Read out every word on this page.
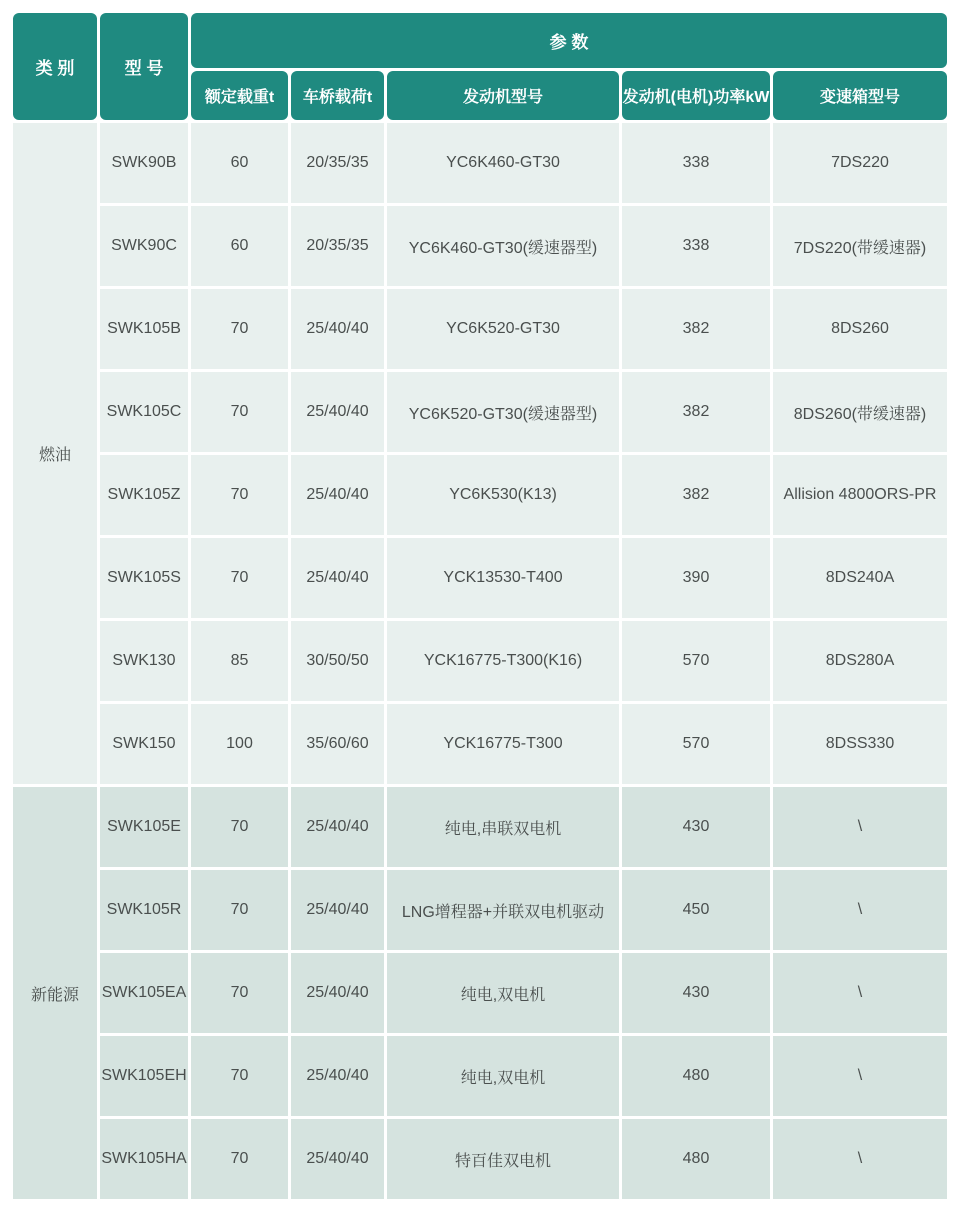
类 别	型 号	参 数				
		额定载重t	车桥载荷t	发动机型号	发动机(电机)功率kW	变速箱型号
燃油	SWK90B	60	20/35/35	YC6K460-GT30	338	7DS220
	SWK90C	60	20/35/35	YC6K460-GT30(缓速器型)	338	7DS220(带缓速器)
	SWK105B	70	25/40/40	YC6K520-GT30	382	8DS260
	SWK105C	70	25/40/40	YC6K520-GT30(缓速器型)	382	8DS260(带缓速器)
	SWK105Z	70	25/40/40	YC6K530(K13)	382	Allision 4800ORS-PR
	SWK105S	70	25/40/40	YCK13530-T400	390	8DS240A
	SWK130	85	30/50/50	YCK16775-T300(K16)	570	8DS280A
	SWK150	100	35/60/60	YCK16775-T300	570	8DSS330
新能源	SWK105E	70	25/40/40	纯电,串联双电机	430	\
	SWK105R	70	25/40/40	LNG增程器+并联双电机驱动	450	\
	SWK105EA	70	25/40/40	纯电,双电机	430	\
	SWK105EH	70	25/40/40	纯电,双电机	480	\
	SWK105HA	70	25/40/40	特百佳双电机	480	\
